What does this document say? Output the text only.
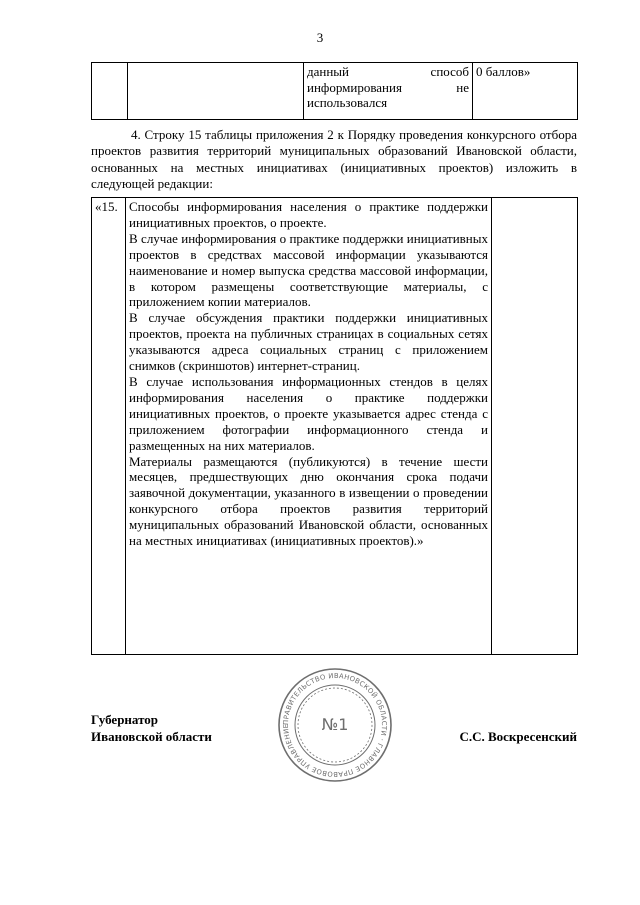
3
		данный способ информирования не использовался	0 баллов»

4. Строку 15 таблицы приложения 2 к Порядку проведения конкурсного отбора проектов развития территорий муниципальных образований Ивановской области, основанных на местных инициативах (инициативных проектов) изложить в следующей редакции:

«15.	Способы информирования населения о практике поддержки инициативных проектов, о проекте.

В случае информирования о практике поддержки инициативных проектов в средствах массовой информации указываются наименование и номер выпуска средства массовой информации, в котором размещены соответствующие материалы, с приложением копии материалов.

В случае обсуждения практики поддержки инициативных проектов, проекта на публичных страницах в социальных сетях указываются адреса социальных страниц с приложением снимков (скриншотов) интернет-страниц.

В случае использования информационных стендов в целях информирования населения о практике поддержки инициативных проектов, о проекте указывается адрес стенда с приложением фотографии информационного стенда и размещенных на них материалов.

Материалы размещаются (публикуются) в течение шести месяцев, предшествующих дню окончания срока подачи заявочной документации, указанного в извещении о проведении конкурсного отбора проектов развития территорий муниципальных образований Ивановской области, основанных на местных инициативах (инициативных проектов).»

Губернатор
Ивановской области
ПРАВИТЕЛЬСТВО ИВАНОВСКОЙ ОБЛАСТИ · ГЛАВНОЕ ПРАВОВОЕ УПРАВЛЕНИЕ	№1
С.С. Воскресенский
